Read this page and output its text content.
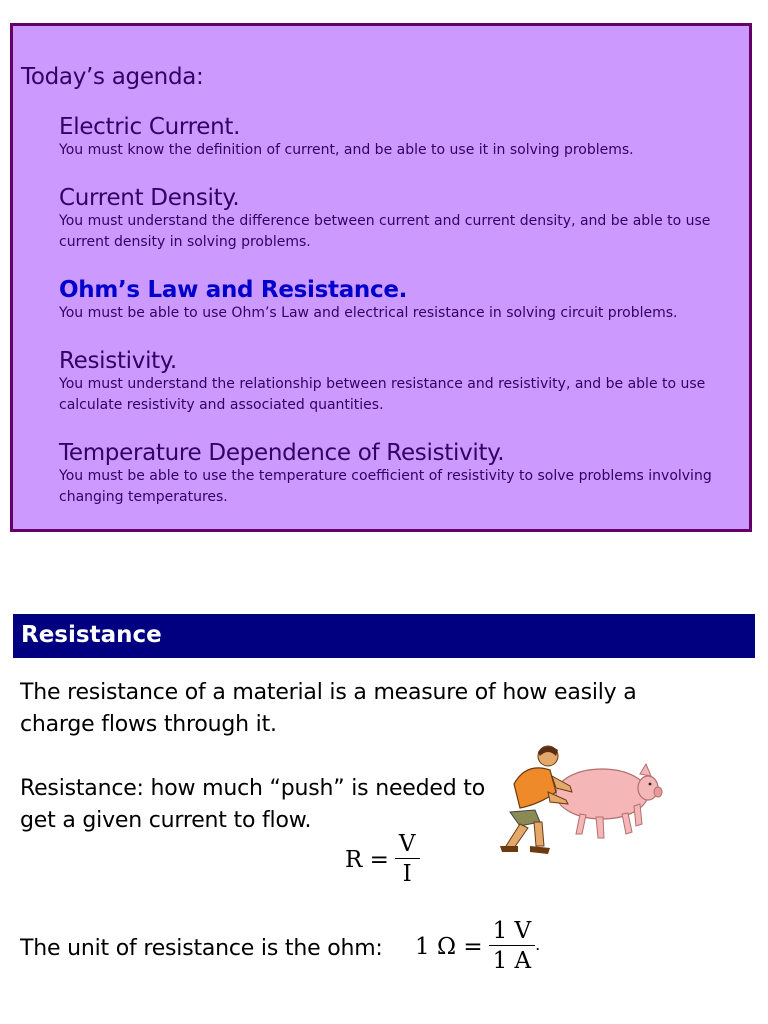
Today’s agenda:
Electric Current.
You must know the definition of current, and be able to use it in solving problems.
Current Density.
You must understand the difference between current and current density, and be able to use current density in solving problems.
Ohm’s Law and Resistance.
You must be able to use Ohm’s Law and electrical resistance in solving circuit problems.
Resistivity.
You must understand the relationship between resistance and resistivity, and be able to use calculate resistivity and associated quantities.
Temperature Dependence of Resistivity.
You must be able to use the temperature coefficient of resistivity to solve problems involving changing temperatures.
Resistance
The resistance of a material is a measure of how easily a charge flows through it.
Resistance: how much “push” is needed to get a given current to flow.
$R = \frac{V}{I}$
The unit of resistance is the ohm: 1 $\Omega = \frac{1 V}{1 A}$ .
